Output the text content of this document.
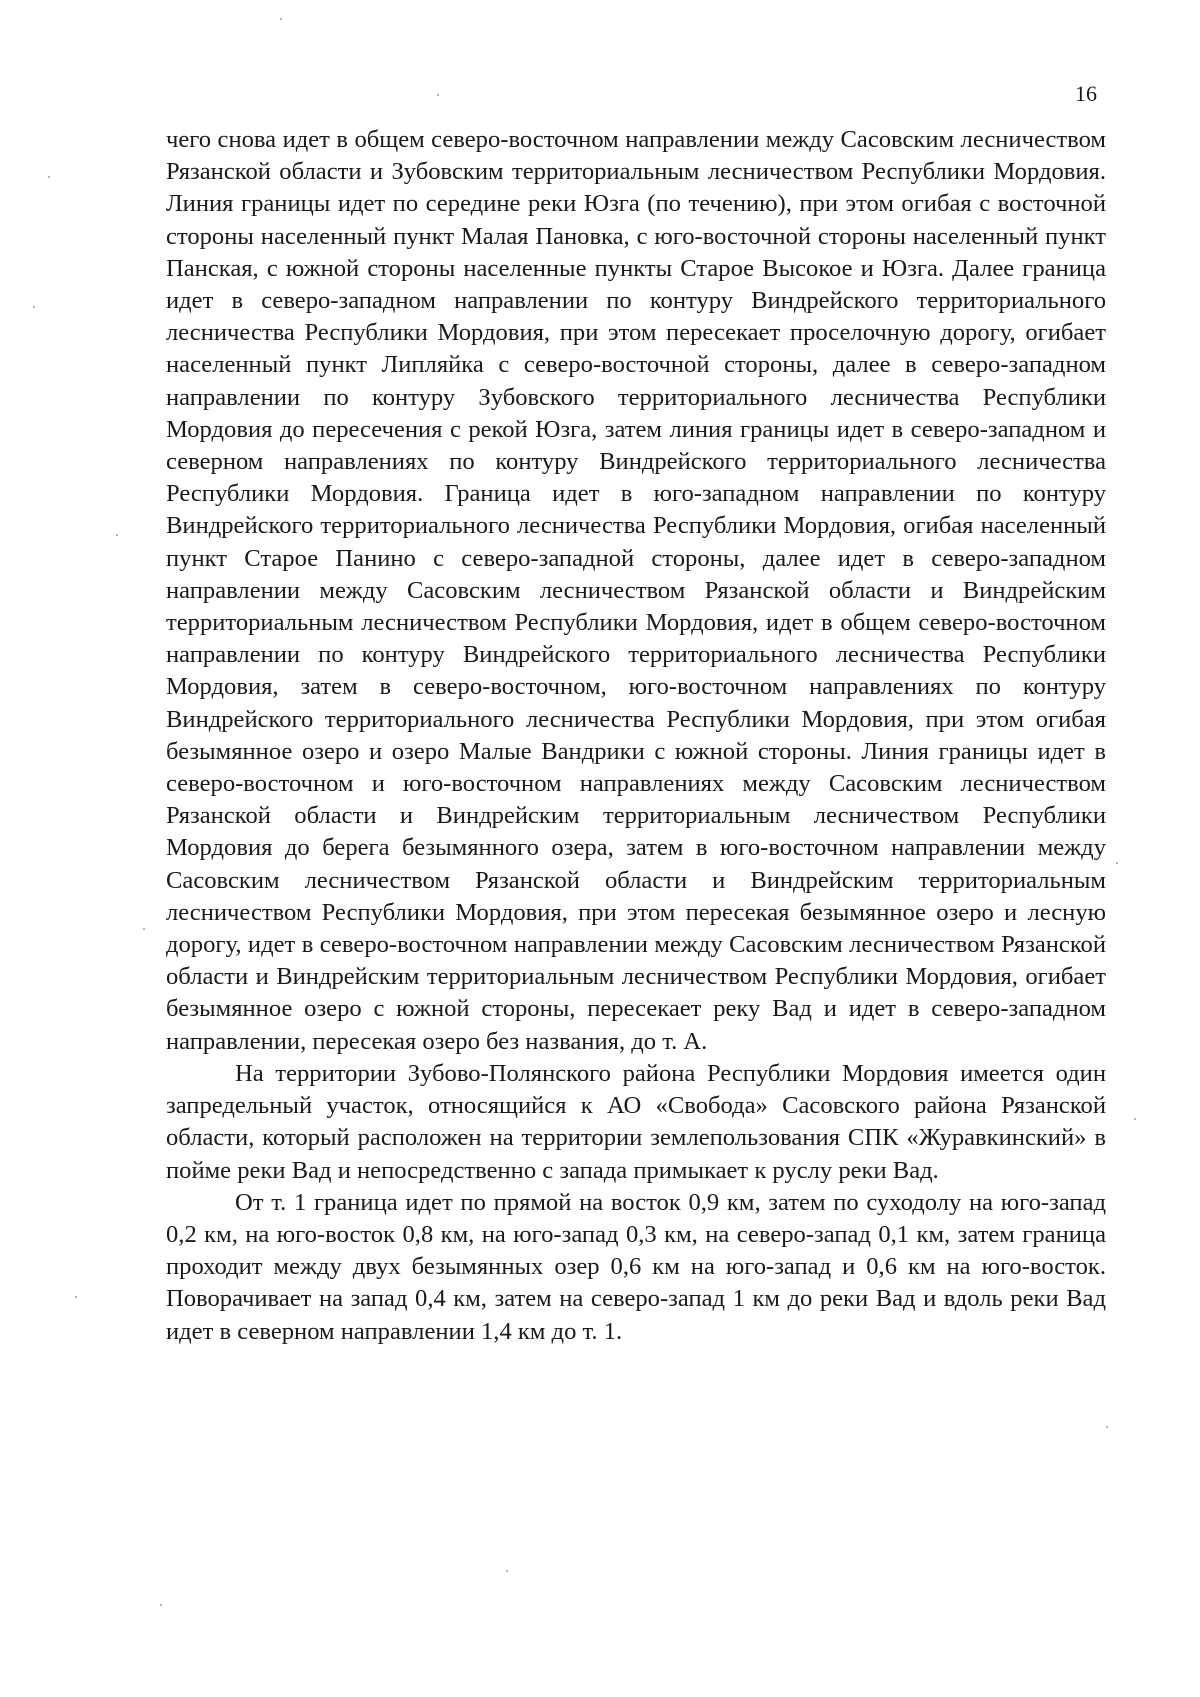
16

чего снова идет в общем северо-восточном направлении между Сасовским лесничеством Рязанской области и Зубовским территориальным лесничеством Республики Мордовия. Линия границы идет по середине реки Юзга (по течению), при этом огибая с восточной стороны населенный пункт Малая Пановка, с юго-восточной стороны населенный пункт Панская, с южной стороны населенные пункты Старое Высокое и Юзга. Далее граница идет в северо-западном направлении по контуру Виндрейского территориального лесничества Республики Мордовия, при этом пересекает проселочную дорогу, огибает населенный пункт Липляйка с северо-восточной стороны, далее в северо-западном направлении по контуру Зубовского территориального лесничества Республики Мордовия до пересечения с рекой Юзга, затем линия границы идет в северо-западном и северном направлениях по контуру Виндрейского территориального лесничества Республики Мордовия. Граница идет в юго-западном направлении по контуру Виндрейского территориального лесничества Республики Мордовия, огибая населенный пункт Старое Панино с северо-западной стороны, далее идет в северо-западном направлении между Сасовским лесничеством Рязанской области и Виндрейским территориальным лесничеством Республики Мордовия, идет в общем северо-восточном направлении по контуру Виндрейского территориального лесничества Республики Мордовия, затем в северо-восточном, юго-восточном направлениях по контуру Виндрейского территориального лесничества Республики Мордовия, при этом огибая безымянное озеро и озеро Малые Вандрики с южной стороны. Линия границы идет в северо-восточном и юго-восточном направлениях между Сасовским лесничеством Рязанской области и Виндрейским территориальным лесничеством Республики Мордовия до берега безымянного озера, затем в юго-восточном направлении между Сасовским лесничеством Рязанской области и Виндрейским территориальным лесничеством Республики Мордовия, при этом пересекая безымянное озеро и лесную дорогу, идет в северо-восточном направлении между Сасовским лесничеством Рязанской области и Виндрейским территориальным лесничеством Республики Мордовия, огибает безымянное озеро с южной стороны, пересекает реку Вад и идет в северо-западном направлении, пересекая озеро без названия, до т. А.

На территории Зубово-Полянского района Республики Мордовия имеется один запредельный участок, относящийся к АО «Свобода» Сасовского района Рязанской области, который расположен на территории землепользования СПК «Журавкинский» в пойме реки Вад и непосредственно с запада примыкает к руслу реки Вад.

От т. 1 граница идет по прямой на восток 0,9 км, затем по суходолу на юго-запад 0,2 км, на юго-восток 0,8 км, на юго-запад 0,3 км, на северо-запад 0,1 км, затем граница проходит между двух безымянных озер 0,6 км на юго-запад и 0,6 км на юго-восток. Поворачивает на запад 0,4 км, затем на северо-запад 1 км до реки Вад и вдоль реки Вад идет в северном направлении 1,4 км до т. 1.
